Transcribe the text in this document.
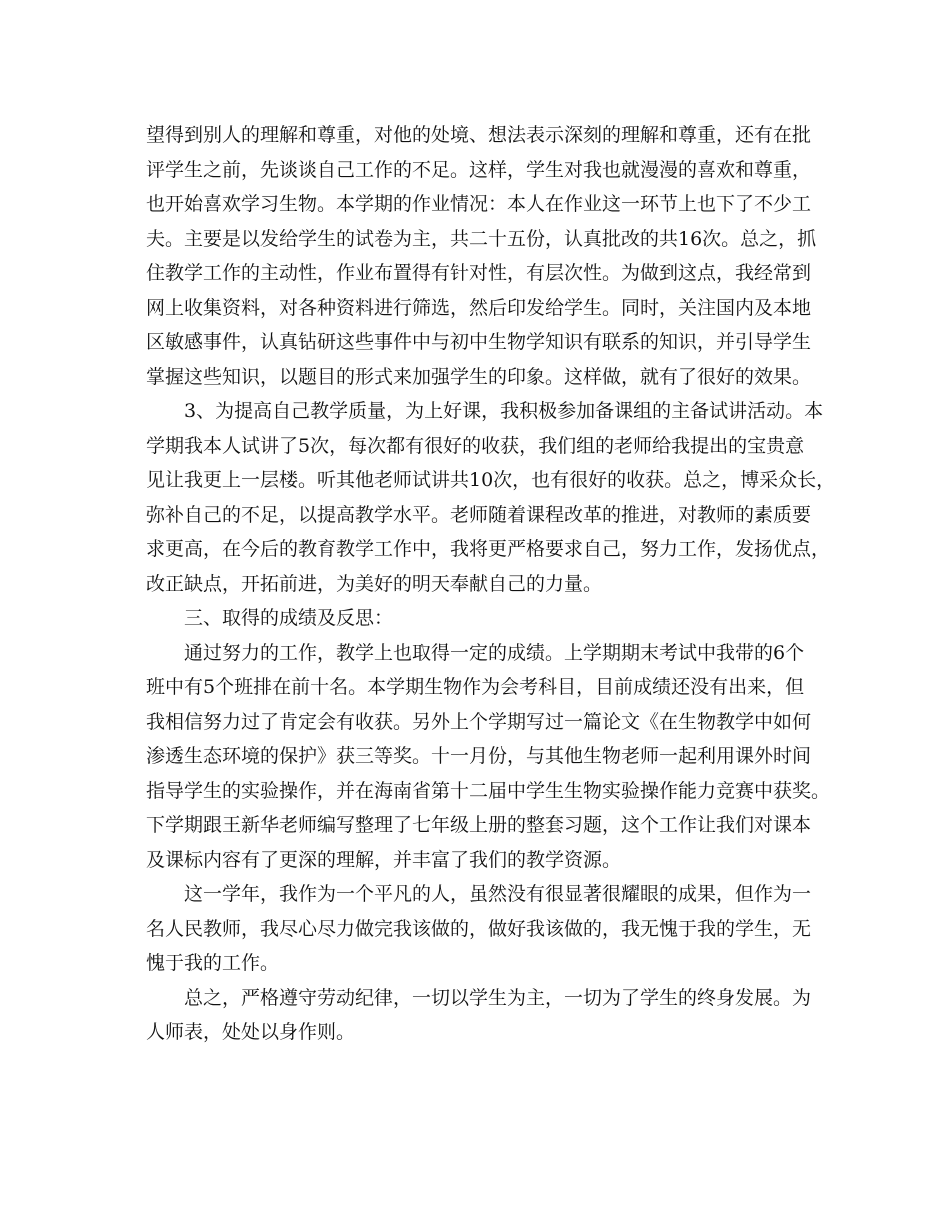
望得到别人的理解和尊重，对他的处境、想法表示深刻的理解和尊重，还有在批

评学生之前，先谈谈自己工作的不足。这样，学生对我也就漫漫的喜欢和尊重，

也开始喜欢学习生物。本学期的作业情况：本人在作业这一环节上也下了不少工

夫。主要是以发给学生的试卷为主，共二十五份，认真批改的共16次。总之，抓

住教学工作的主动性，作业布置得有针对性，有层次性。为做到这点，我经常到

网上收集资料，对各种资料进行筛选，然后印发给学生。同时，关注国内及本地

区敏感事件，认真钻研这些事件中与初中生物学知识有联系的知识，并引导学生

掌握这些知识，以题目的形式来加强学生的印象。这样做，就有了很好的效果。

3、为提高自己教学质量，为上好课，我积极参加备课组的主备试讲活动。本

学期我本人试讲了5次，每次都有很好的收获，我们组的老师给我提出的宝贵意

见让我更上一层楼。听其他老师试讲共10次，也有很好的收获。总之，博采众长，

弥补自己的不足，以提高教学水平。老师随着课程改革的推进，对教师的素质要

求更高，在今后的教育教学工作中，我将更严格要求自己，努力工作，发扬优点，

改正缺点，开拓前进，为美好的明天奉献自己的力量。

三、取得的成绩及反思：

通过努力的工作，教学上也取得一定的成绩。上学期期末考试中我带的6个

班中有5个班排在前十名。本学期生物作为会考科目，目前成绩还没有出来，但

我相信努力过了肯定会有收获。另外上个学期写过一篇论文《在生物教学中如何

渗透生态环境的保护》获三等奖。十一月份，与其他生物老师一起利用课外时间

指导学生的实验操作，并在海南省第十二届中学生生物实验操作能力竞赛中获奖。

下学期跟王新华老师编写整理了七年级上册的整套习题，这个工作让我们对课本

及课标内容有了更深的理解，并丰富了我们的教学资源。

这一学年，我作为一个平凡的人，虽然没有很显著很耀眼的成果，但作为一

名人民教师，我尽心尽力做完我该做的，做好我该做的，我无愧于我的学生，无

愧于我的工作。

总之，严格遵守劳动纪律，一切以学生为主，一切为了学生的终身发展。为

人师表，处处以身作则。
